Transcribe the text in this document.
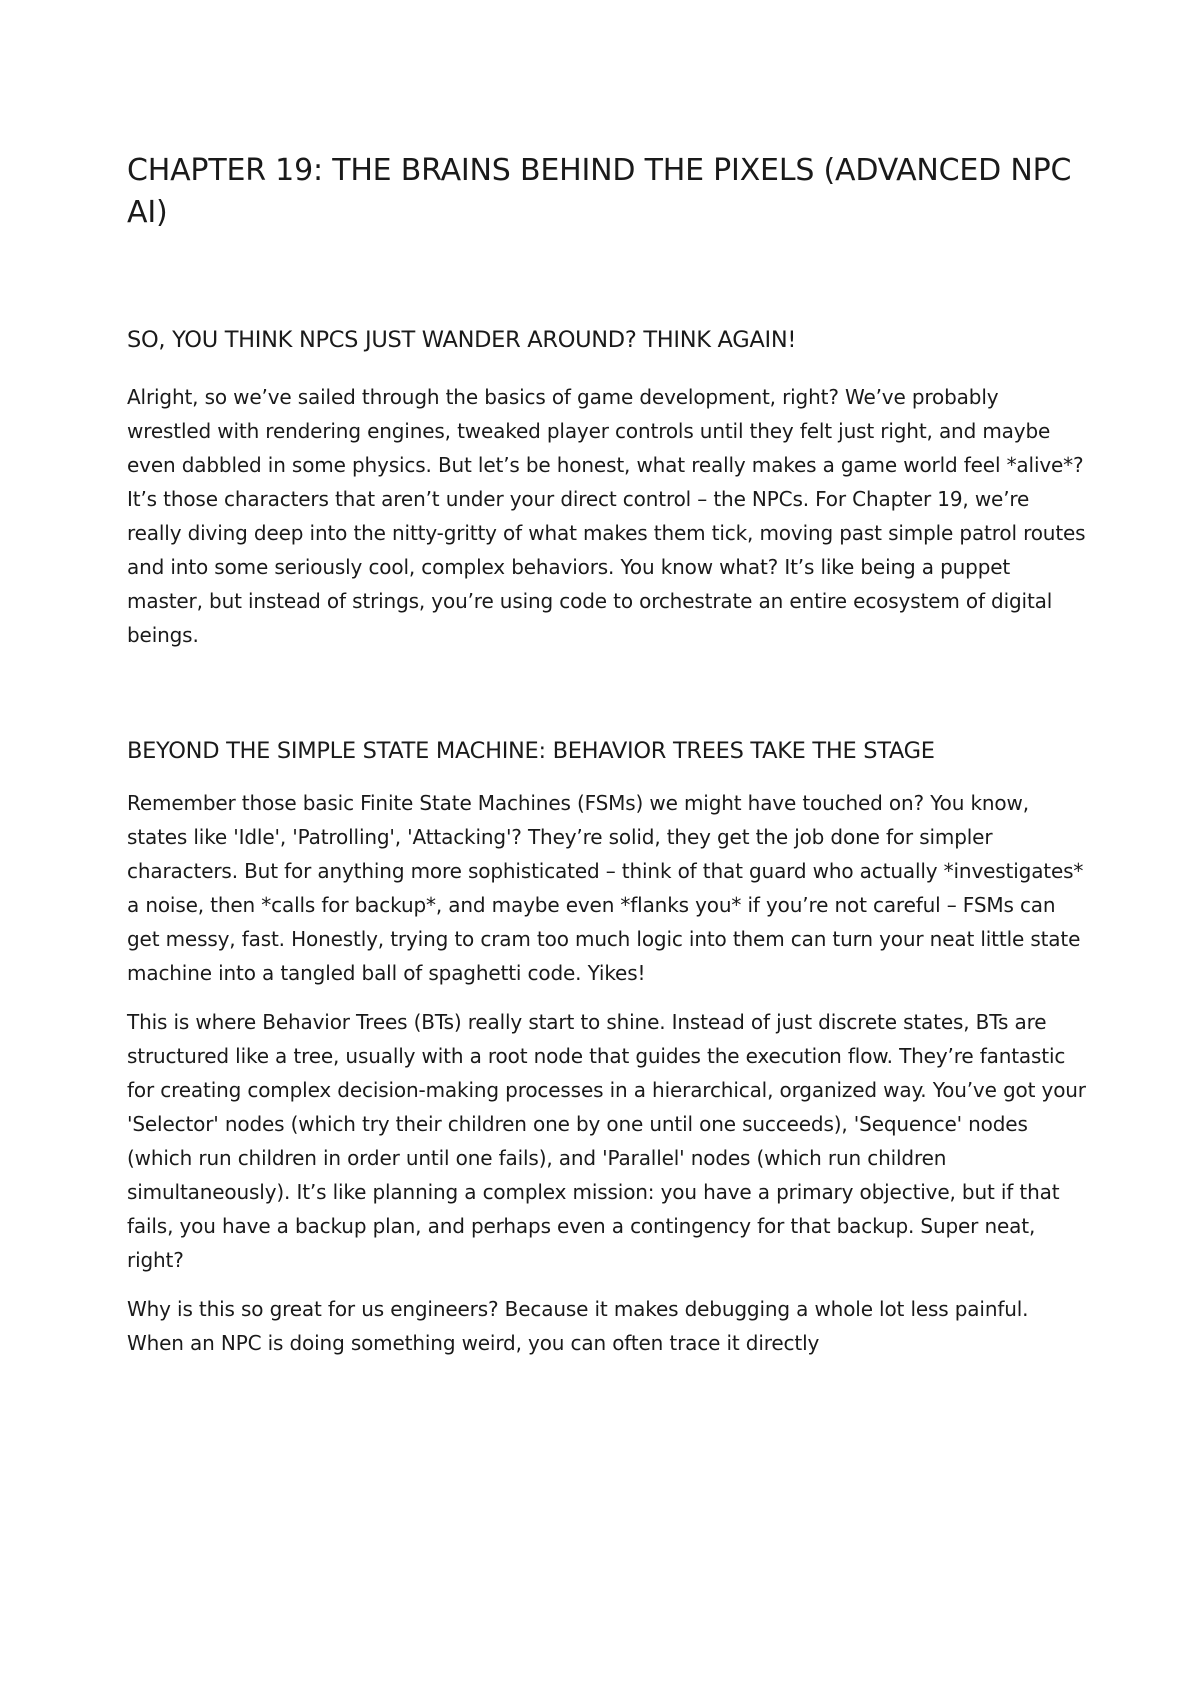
CHAPTER 19: THE BRAINS BEHIND THE PIXELS (ADVANCED NPC AI)
SO, YOU THINK NPCS JUST WANDER AROUND? THINK AGAIN!

Alright, so we’ve sailed through the basics of game development, right? We’ve probably wrestled with rendering engines, tweaked player controls until they felt just right, and maybe even dabbled in some physics. But let’s be honest, what really makes a game world feel *alive*? It’s those characters that aren’t under your direct control – the NPCs. For Chapter 19, we’re really diving deep into the nitty-gritty of what makes them tick, moving past simple patrol routes and into some seriously cool, complex behaviors. You know what? It’s like being a puppet master, but instead of strings, you’re using code to orchestrate an entire ecosystem of digital beings.

BEYOND THE SIMPLE STATE MACHINE: BEHAVIOR TREES TAKE THE STAGE

Remember those basic Finite State Machines (FSMs) we might have touched on? You know, states like 'Idle', 'Patrolling', 'Attacking'? They’re solid, they get the job done for simpler characters. But for anything more sophisticated – think of that guard who actually *investigates* a noise, then *calls for backup*, and maybe even *flanks you* if you’re not careful – FSMs can get messy, fast. Honestly, trying to cram too much logic into them can turn your neat little state machine into a tangled ball of spaghetti code. Yikes!

This is where Behavior Trees (BTs) really start to shine. Instead of just discrete states, BTs are structured like a tree, usually with a root node that guides the execution flow. They’re fantastic for creating complex decision-making processes in a hierarchical, organized way. You’ve got your 'Selector' nodes (which try their children one by one until one succeeds), 'Sequence' nodes (which run children in order until one fails), and 'Parallel' nodes (which run children simultaneously). It’s like planning a complex mission: you have a primary objective, but if that fails, you have a backup plan, and perhaps even a contingency for that backup. Super neat, right?

Why is this so great for us engineers? Because it makes debugging a whole lot less painful. When an NPC is doing something weird, you can often trace it directly
